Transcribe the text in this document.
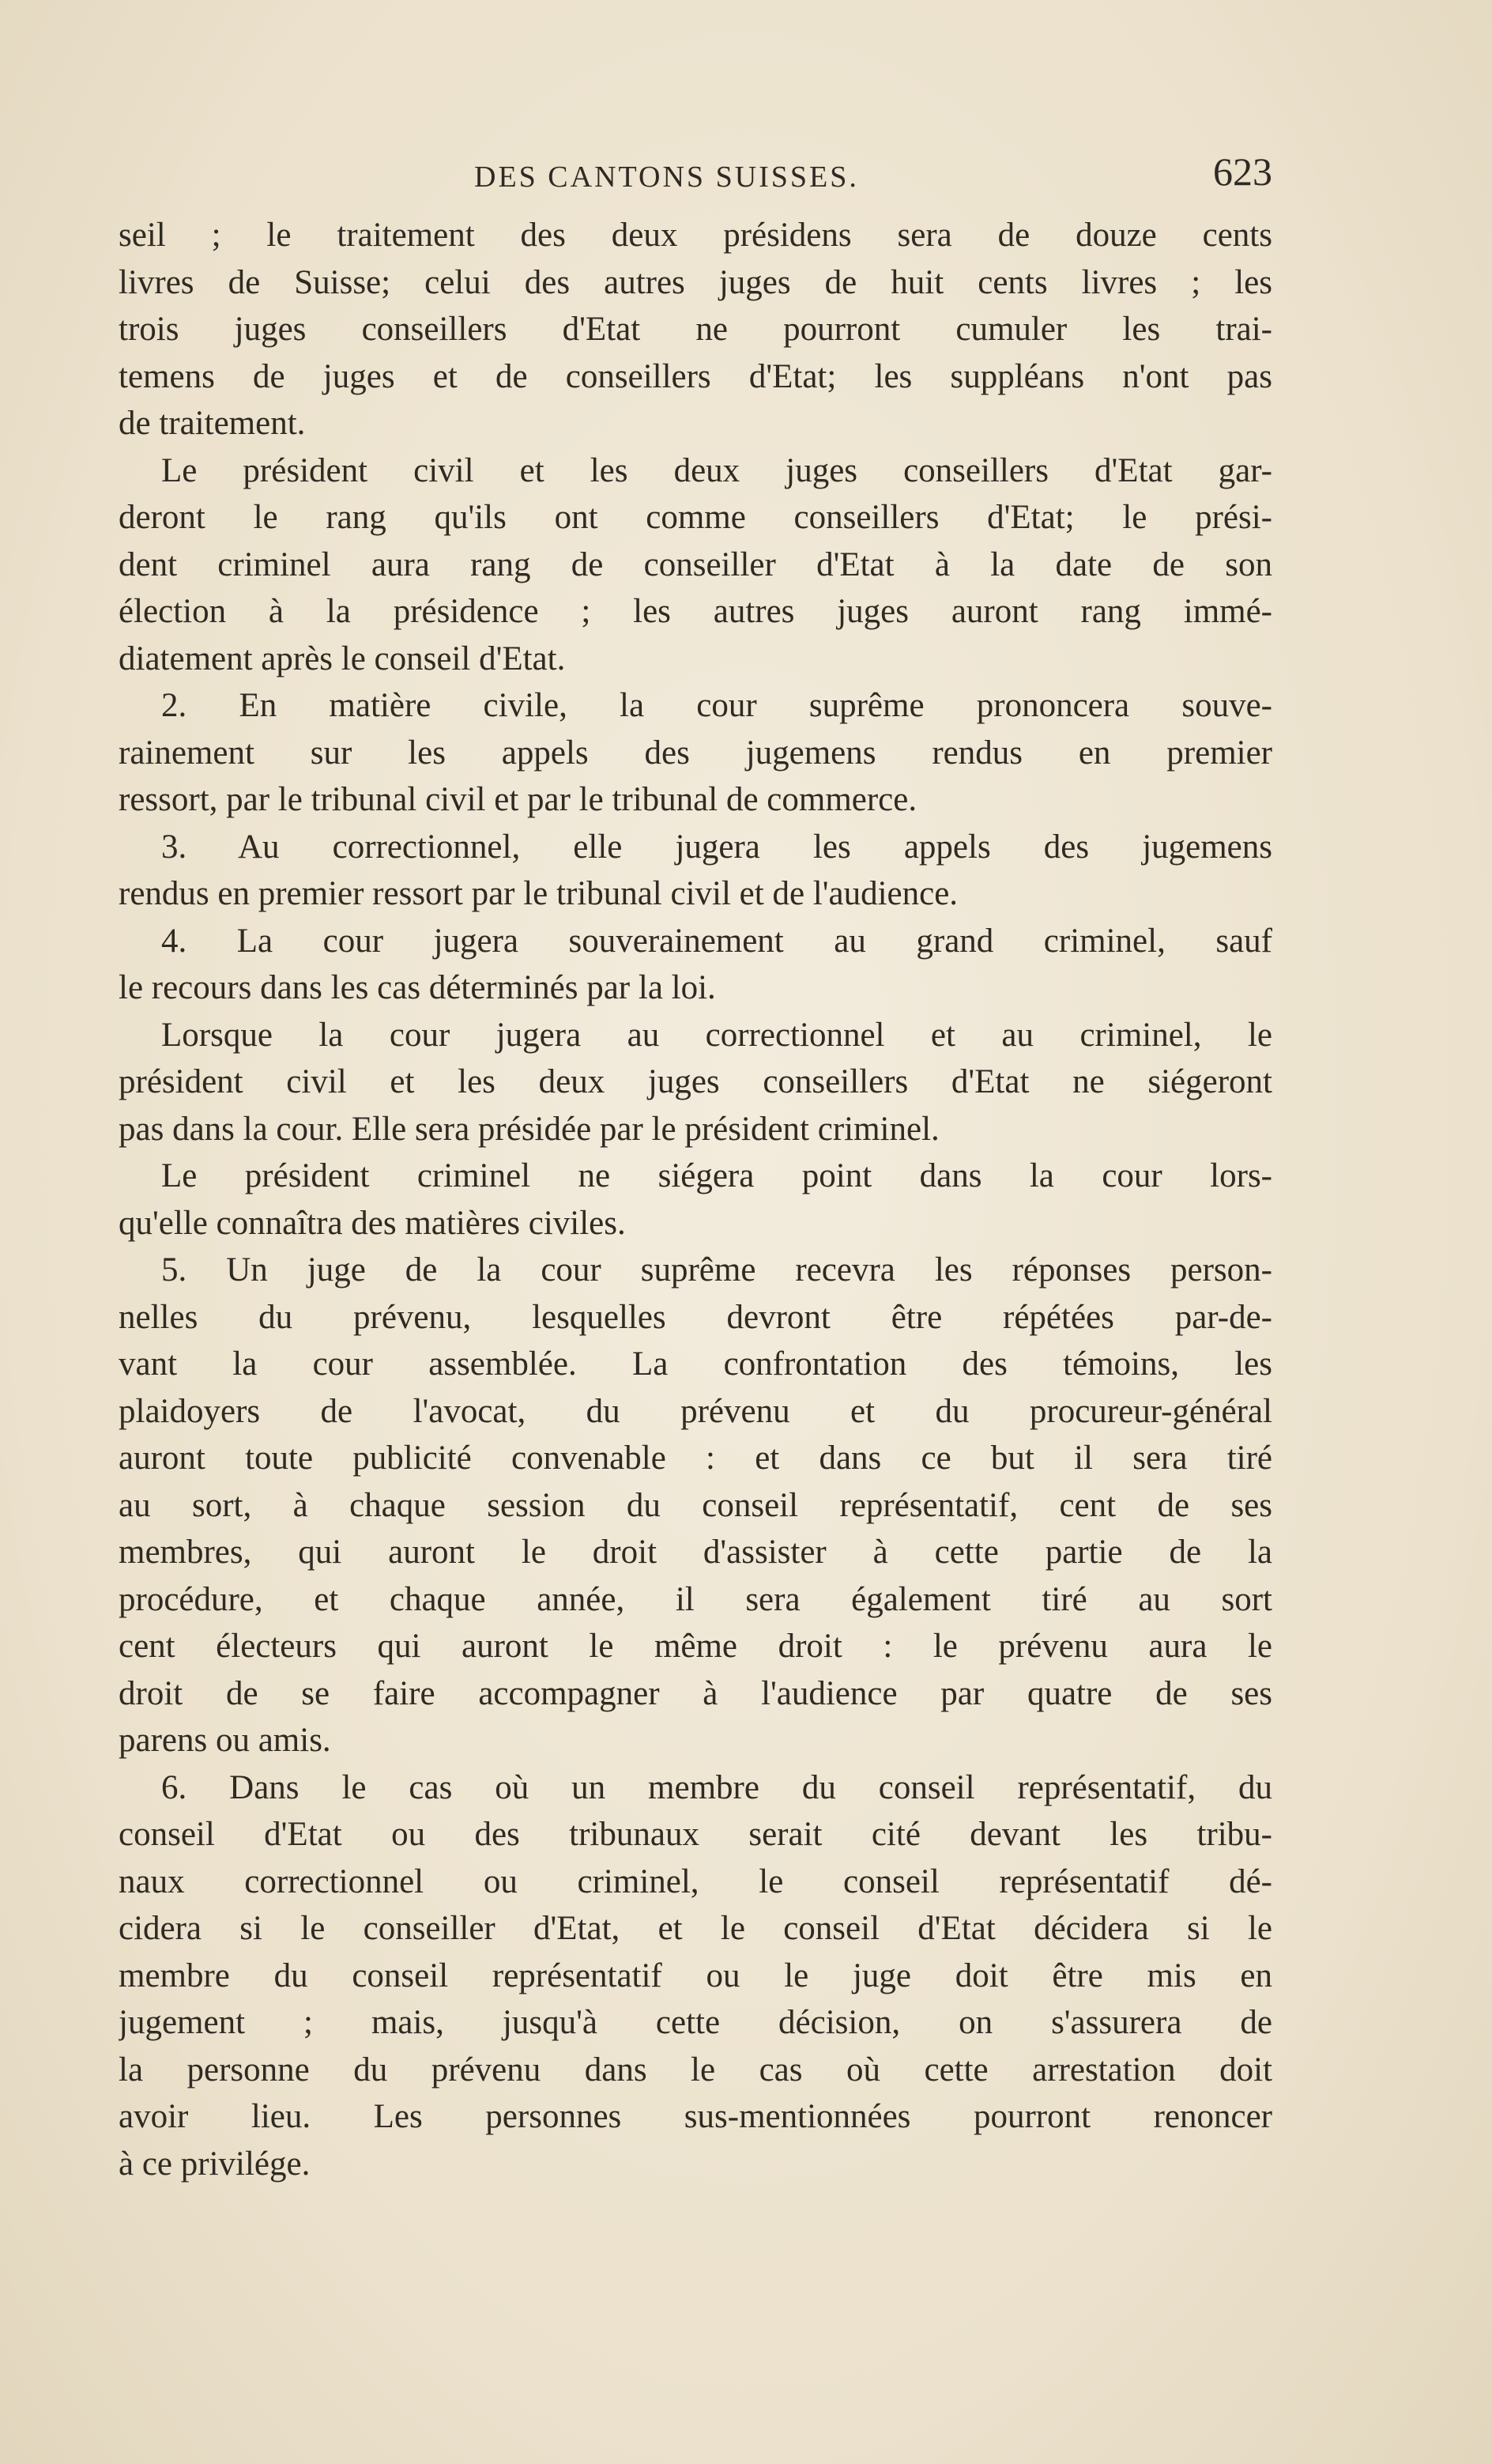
DES CANTONS SUISSES.	623
seil ; le traitement des deux présidens sera de douze cents
livres de Suisse; celui des autres juges de huit cents livres ; les
trois juges conseillers d'Etat ne pourront cumuler les trai-
temens de juges et de conseillers d'Etat; les suppléans n'ont pas
de traitement.
Le président civil et les deux juges conseillers d'Etat gar-
deront le rang qu'ils ont comme conseillers d'Etat; le prési-
dent criminel aura rang de conseiller d'Etat à la date de son
élection à la présidence ; les autres juges auront rang immé-
diatement après le conseil d'Etat.
2. En matière civile, la cour suprême prononcera souve-
rainement sur les appels des jugemens rendus en premier
ressort, par le tribunal civil et par le tribunal de commerce.
3. Au correctionnel, elle jugera les appels des jugemens
rendus en premier ressort par le tribunal civil et de l'audience.
4. La cour jugera souverainement au grand criminel, sauf
le recours dans les cas déterminés par la loi.
Lorsque la cour jugera au correctionnel et au criminel, le
président civil et les deux juges conseillers d'Etat ne siégeront
pas dans la cour. Elle sera présidée par le président criminel.
Le président criminel ne siégera point dans la cour lors-
qu'elle connaîtra des matières civiles.
5. Un juge de la cour suprême recevra les réponses person-
nelles du prévenu, lesquelles devront être répétées par-de-
vant la cour assemblée. La confrontation des témoins, les
plaidoyers de l'avocat, du prévenu et du procureur-général
auront toute publicité convenable : et dans ce but il sera tiré
au sort, à chaque session du conseil représentatif, cent de ses
membres, qui auront le droit d'assister à cette partie de la
procédure, et chaque année, il sera également tiré au sort
cent électeurs qui auront le même droit : le prévenu aura le
droit de se faire accompagner à l'audience par quatre de ses
parens ou amis.
6. Dans le cas où un membre du conseil représentatif, du
conseil d'Etat ou des tribunaux serait cité devant les tribu-
naux correctionnel ou criminel, le conseil représentatif dé-
cidera si le conseiller d'Etat, et le conseil d'Etat décidera si le
membre du conseil représentatif ou le juge doit être mis en
jugement ; mais, jusqu'à cette décision, on s'assurera de
la personne du prévenu dans le cas où cette arrestation doit
avoir lieu. Les personnes sus-mentionnées pourront renoncer
à ce privilége.
